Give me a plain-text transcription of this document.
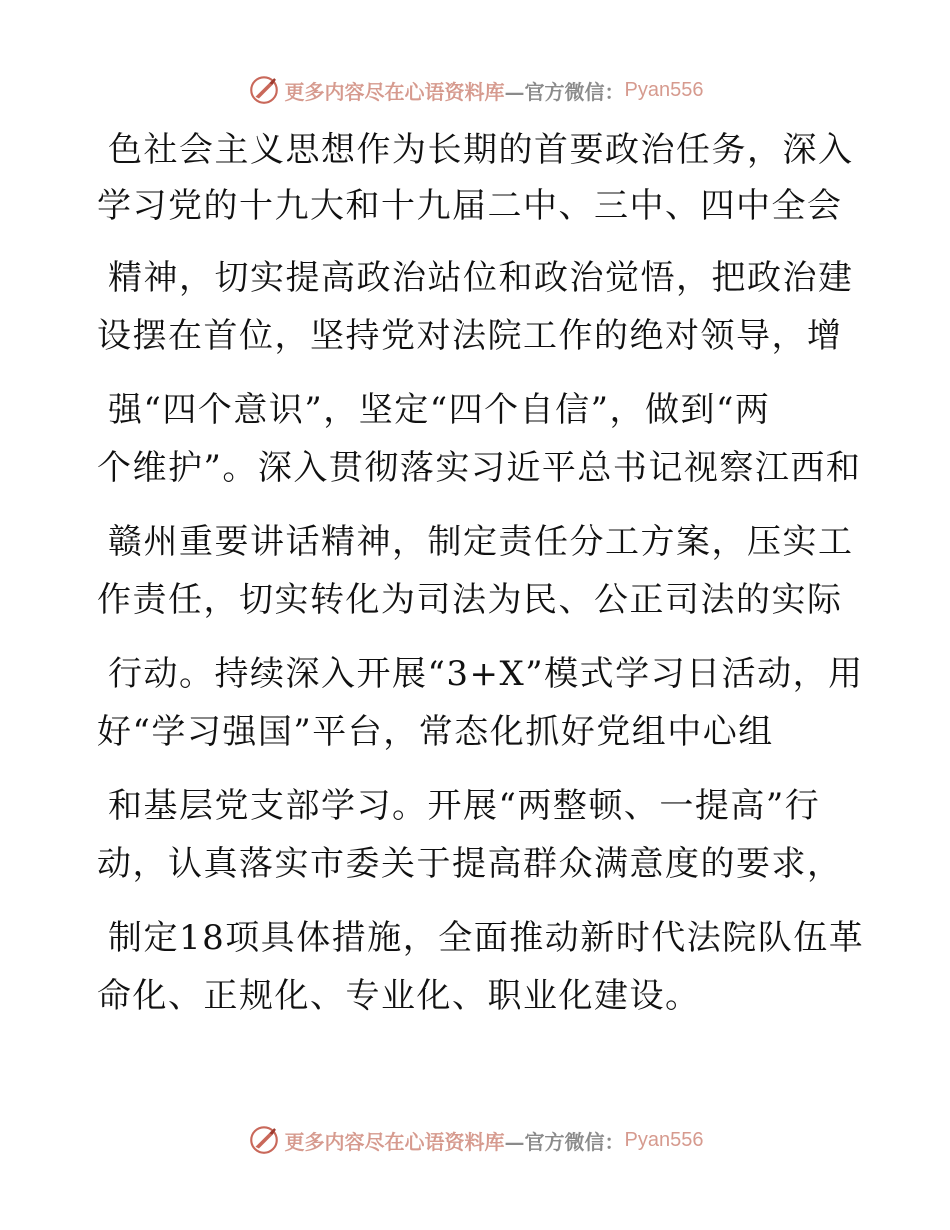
更多内容尽在心语资料库 —官方微信： Pyan556
色社会主义思想作为长期的首要政治任务，深入
学习党的十九大和十九届二中、三中、四中全会
精神，切实提高政治站位和政治觉悟，把政治建
设摆在首位，坚持党对法院工作的绝对领导，增
强“四个意识”，坚定“四个自信”，做到“两
个维护”。深入贯彻落实习近平总书记视察江西和
赣州重要讲话精神，制定责任分工方案，压实工
作责任，切实转化为司法为民、公正司法的实际
行动。持续深入开展“3+X”模式学习日活动，用
好“学习强国”平台，常态化抓好党组中心组
和基层党支部学习。开展“两整顿、一提高”行
动，认真落实市委关于提高群众满意度的要求，
制定18项具体措施，全面推动新时代法院队伍革
命化、正规化、专业化、职业化建设。
更多内容尽在心语资料库 —官方微信： Pyan556
